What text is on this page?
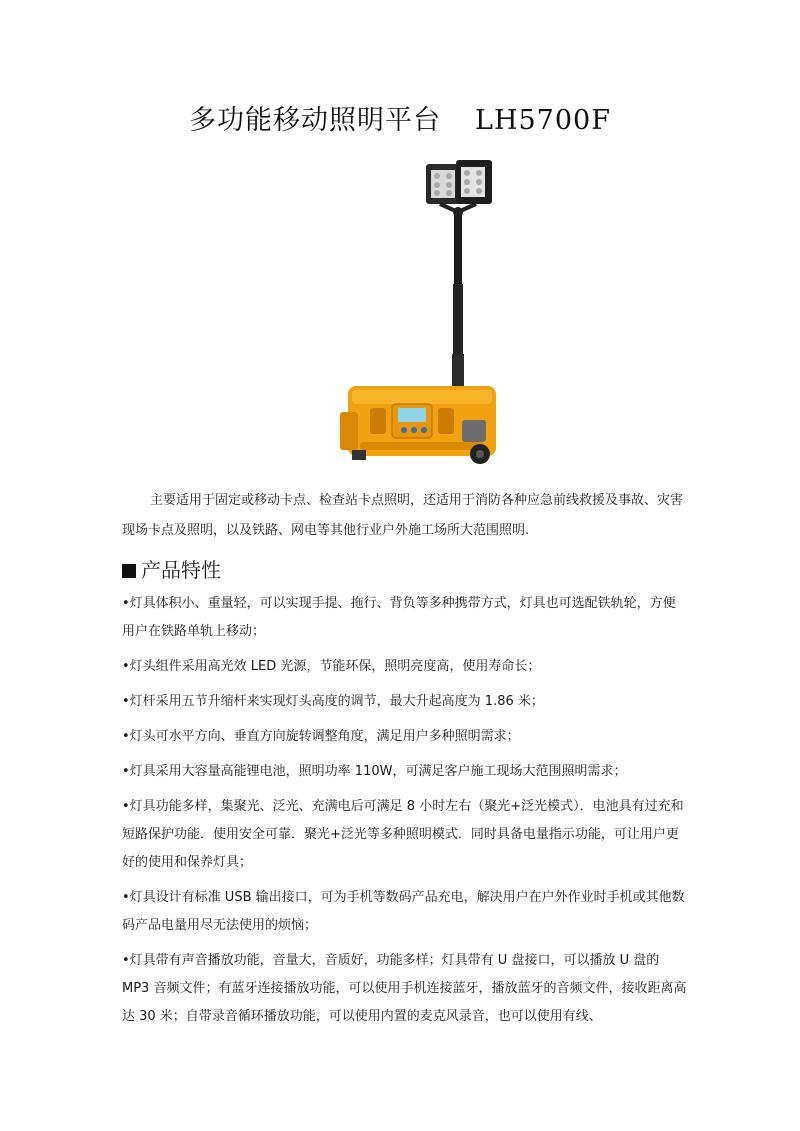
多功能移动照明平台 LH5700F
主要适用于固定或移动卡点、检查站卡点照明，还适用于消防各种应急前线救援及事故、灾害现场卡点及照明，以及铁路、网电等其他行业户外施工场所大范围照明.
产品特性
•灯具体积小、重量轻，可以实现手提、拖行、背负等多种携带方式，灯具也可选配铁轨轮，方便用户在铁路单轨上移动；
•灯头组件采用高光效 LED 光源，节能环保，照明亮度高，使用寿命长；
•灯杆采用五节升缩杆来实现灯头高度的调节，最大升起高度为 1.86 米；
•灯头可水平方向、垂直方向旋转调整角度，满足用户多种照明需求；
•灯具采用大容量高能锂电池，照明功率 110W，可满足客户施工现场大范围照明需求；
•灯具功能多样，集聚光、泛光、充满电后可满足 8 小时左右（聚光+泛光模式）．电池具有过充和短路保护功能．使用安全可靠．聚光+泛光等多种照明模式．同时具备电量指示功能，可让用户更好的使用和保养灯具；
•灯具设计有标准 USB 输出接口，可为手机等数码产品充电，解决用户在户外作业时手机或其他数码产品电量用尽无法使用的烦恼；
•灯具带有声音播放功能，音量大，音质好，功能多样；灯具带有 U 盘接口，可以播放 U 盘的 MP3 音频文件；有蓝牙连接播放功能，可以使用手机连接蓝牙，播放蓝牙的音频文件，接收距离高达 30 米；自带录音循环播放功能，可以使用内置的麦克风录音，也可以使用有线、
